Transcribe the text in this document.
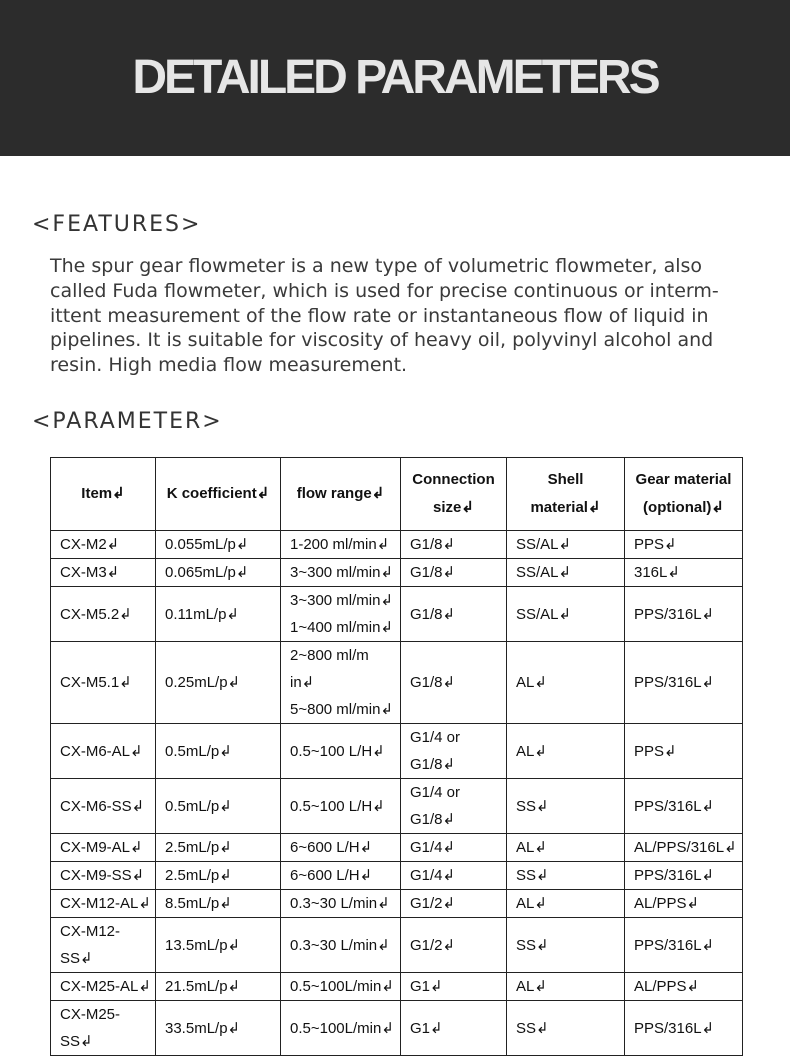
DETAILED PARAMETERS
<FEATURES>
The spur gear flowmeter is a new type of volumetric flowmeter, also
called Fuda flowmeter, which is used for precise continuous or interm-
ittent measurement of the flow rate or instantaneous flow of liquid in
pipelines. It is suitable for viscosity of heavy oil, polyvinyl alcohol and
resin. High media flow measurement.
<PARAMETER>
Item↲	K coefficient↲	flow range↲	Connection
size↲	Shell material↲	Gear material
(optional)↲

CX-M2↲	0.055mL/p↲	1-200 ml/min↲	G1/8↲	SS/AL↲	PPS↲
CX-M3↲	0.065mL/p↲	3~300 ml/min↲	G1/8↲	SS/AL↲	316L↲
CX-M5.2↲	0.11mL/p↲	3~300 ml/min↲
1~400 ml/min↲	G1/8↲	SS/AL↲	PPS/316L↲
CX-M5.1↲	0.25mL/p↲	2~800 ml/m in↲
5~800 ml/min↲	G1/8↲	AL↲	PPS/316L↲
CX-M6-AL↲	0.5mL/p↲	0.5~100 L/H↲	G1/4 or
G1/8↲	AL↲	PPS↲
CX-M6-SS↲	0.5mL/p↲	0.5~100 L/H↲	G1/4 or
G1/8↲	SS↲	PPS/316L↲
CX-M9-AL↲	2.5mL/p↲	6~600 L/H↲	G1/4↲	AL↲	AL/PPS/316L↲
CX-M9-SS↲	2.5mL/p↲	6~600 L/H↲	G1/4↲	SS↲	PPS/316L↲
CX-M12-AL↲	8.5mL/p↲	0.3~30 L/min↲	G1/2↲	AL↲	AL/PPS↲
CX-M12-SS↲	13.5mL/p↲	0.3~30 L/min↲	G1/2↲	SS↲	PPS/316L↲
CX-M25-AL↲	21.5mL/p↲	0.5~100L/min↲	G1↲	AL↲	AL/PPS↲
CX-M25-SS↲	33.5mL/p↲	0.5~100L/min↲	G1↲	SS↲	PPS/316L↲
